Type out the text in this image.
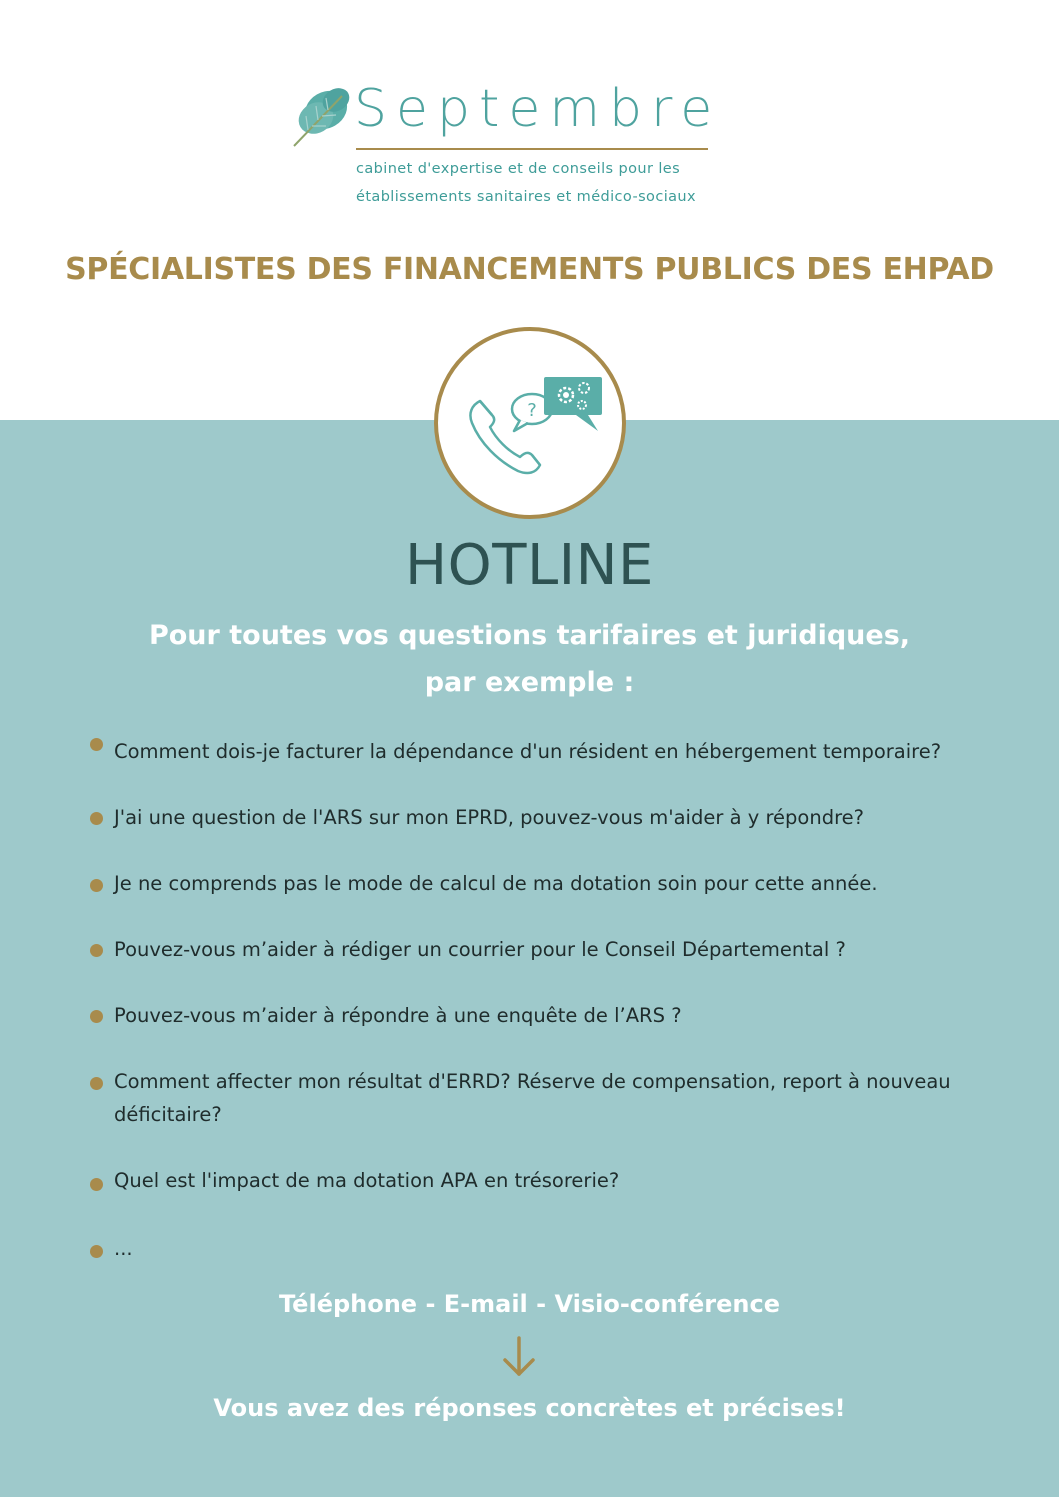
Septembre
cabinet d'expertise et de conseils pour les
établissements sanitaires et médico-sociaux
SPÉCIALISTES DES FINANCEMENTS PUBLICS DES EHPAD
?
HOTLINE
Pour toutes vos questions tarifaires et juridiques,
par exemple :
Comment dois-je facturer la dépendance d'un résident en hébergement temporaire?
J'ai une question de l'ARS sur mon EPRD, pouvez-vous m'aider à y répondre?
Je ne comprends pas le mode de calcul de ma dotation soin pour cette année.
Pouvez-vous m’aider à rédiger un courrier pour le Conseil Départemental ?
Pouvez-vous m’aider à répondre à une enquête de l’ARS ?
Comment affecter mon résultat d'ERRD? Réserve de compensation, report à nouveau déficitaire?
Quel est l'impact de ma dotation APA en trésorerie?
...
Téléphone - E-mail - Visio-conférence
Vous avez des réponses concrètes et précises!
